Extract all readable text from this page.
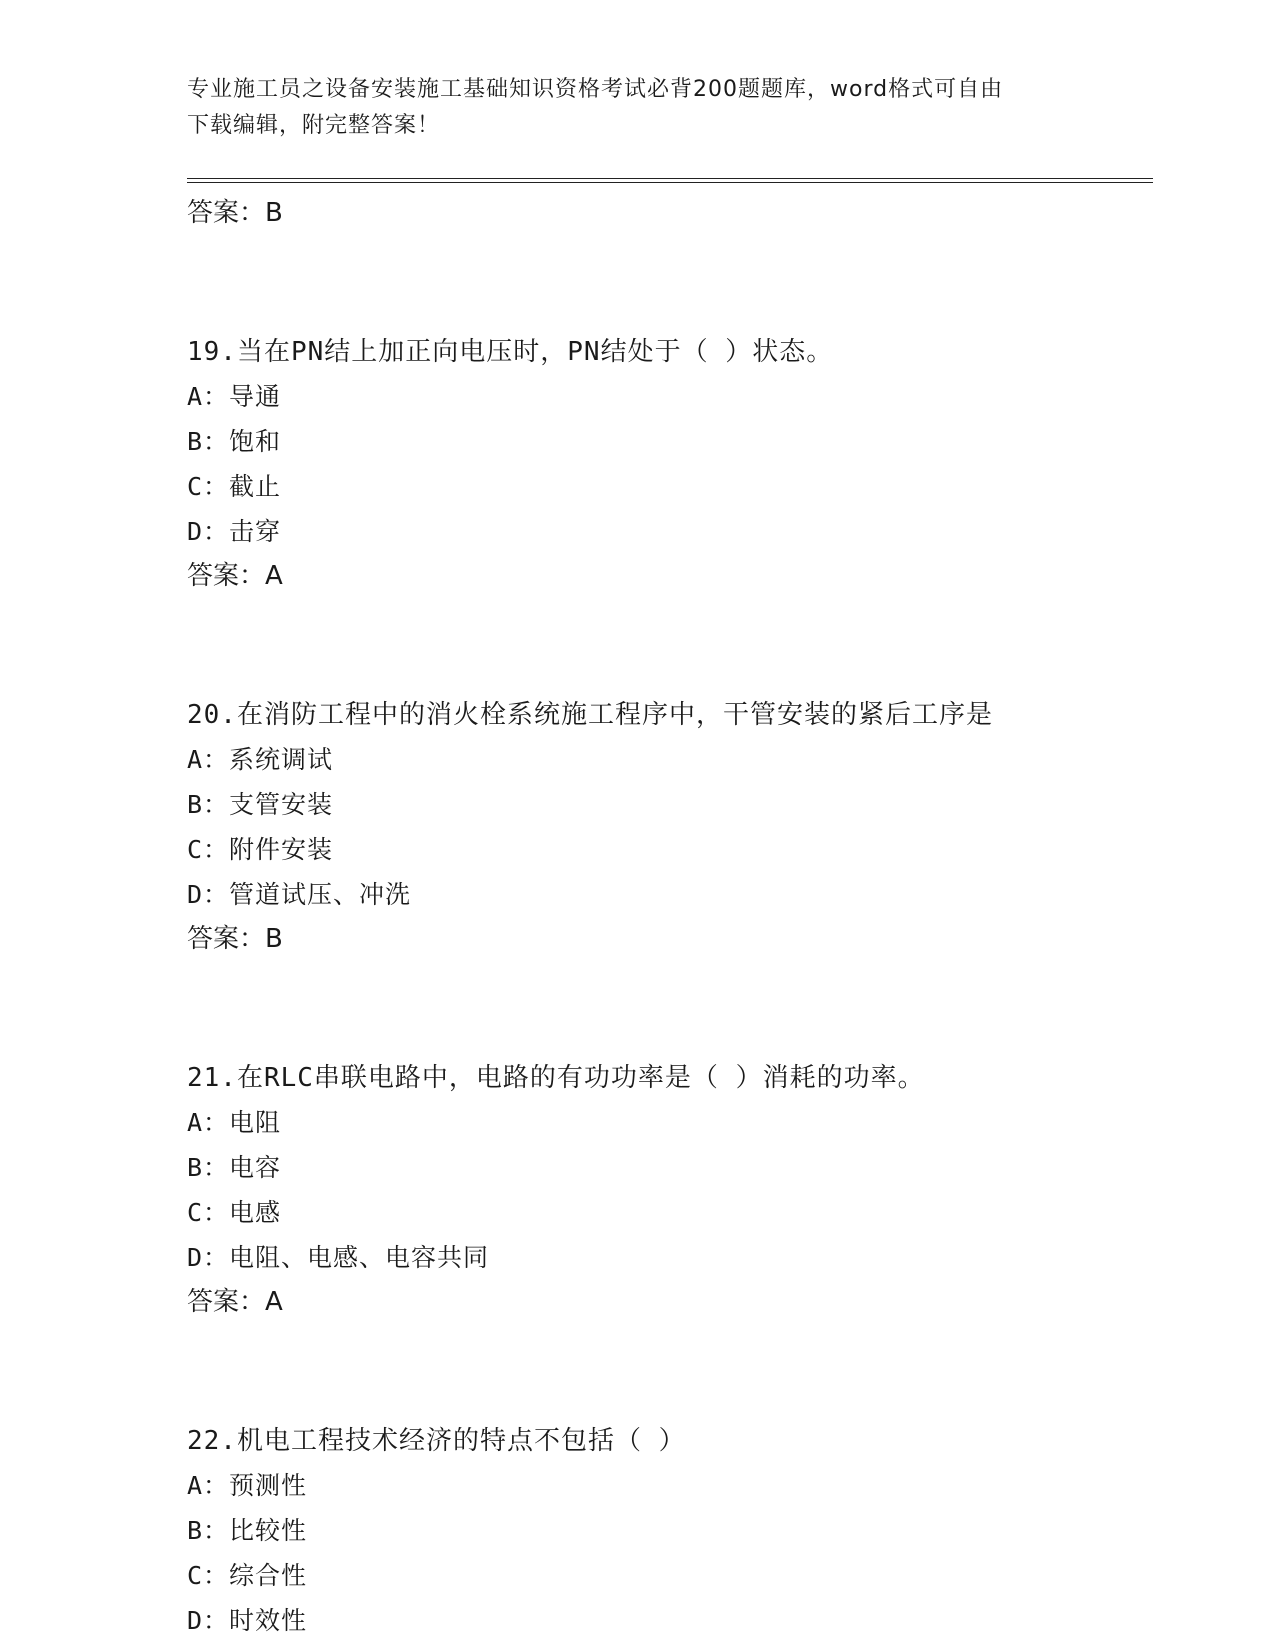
专业施工员之设备安装施工基础知识资格考试必背200题题库，word格式可自由
下载编辑，附完整答案！

答案：B

19.当在PN结上加正向电压时，PN结处于（ ）状态。

A：导通

B：饱和

C：截止

D：击穿

答案：A

20.在消防工程中的消火栓系统施工程序中，干管安装的紧后工序是

A：系统调试

B：支管安装

C：附件安装

D：管道试压、冲洗

答案：B

21.在RLC串联电路中，电路的有功功率是（ ）消耗的功率。

A：电阻

B：电容

C：电感

D：电阻、电感、电容共同

答案：A

22.机电工程技术经济的特点不包括（ ）

A：预测性

B：比较性

C：综合性

D：时效性
